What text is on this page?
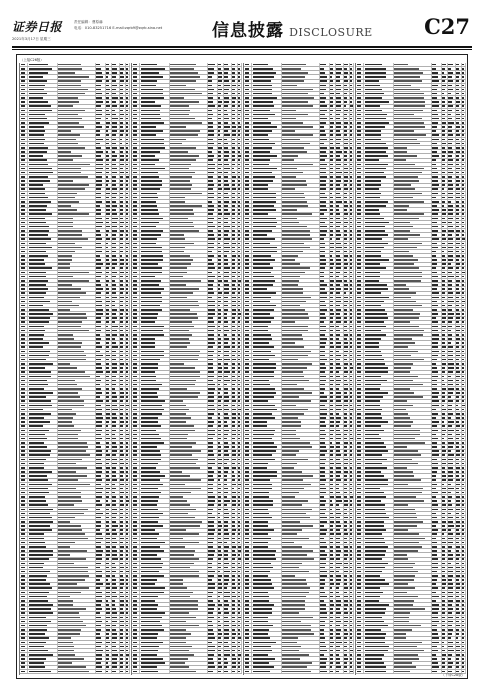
证券日报	责任编辑：曹原赫
电话：010-83251716 E-mail:zqrb9@zqrb.sina.net
2021年3月17日 星期三	信息披露 DISCLOSURE C27
（上接C26版）
（下转C28版）
